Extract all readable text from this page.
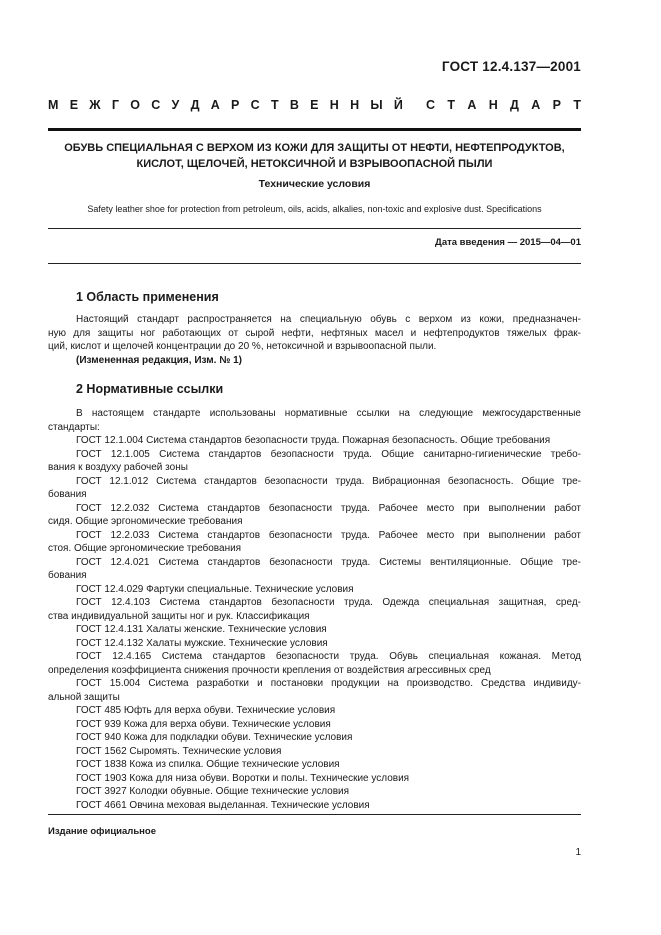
ГОСТ 12.4.137—2001
М Е Ж Г О С У Д А Р С Т В Е Н Н Ы Й С Т А Н Д А Р Т
ОБУВЬ СПЕЦИАЛЬНАЯ С ВЕРХОМ ИЗ КОЖИ ДЛЯ ЗАЩИТЫ ОТ НЕФТИ, НЕФТЕПРОДУКТОВ,
КИСЛОТ, ЩЕЛОЧЕЙ, НЕТОКСИЧНОЙ И ВЗРЫВООПАСНОЙ ПЫЛИ
Технические условия
Safety leather shoe for protection from petroleum, oils, acids, alkalies, non-toxic and explosive dust. Specifications
Дата введения — 2015—04—01
1 Область применения
Настоящий стандарт распространяется на специальную обувь с верхом из кожи, предназначен-
ную для защиты ног работающих от сырой нефти, нефтяных масел и нефтепродуктов тяжелых фрак-
ций, кислот и щелочей концентрации до 20 %, нетоксичной и взрывоопасной пыли.
(Измененная редакция, Изм. № 1)
2 Нормативные ссылки
В настоящем стандарте использованы нормативные ссылки на следующие межгосударственные
стандарты:
ГОСТ 12.1.004 Система стандартов безопасности труда. Пожарная безопасность. Общие требования
ГОСТ 12.1.005 Система стандартов безопасности труда. Общие санитарно-гигиенические требо-
вания к воздуху рабочей зоны
ГОСТ 12.1.012 Система стандартов безопасности труда. Вибрационная безопасность. Общие тре-
бования
ГОСТ 12.2.032 Система стандартов безопасности труда. Рабочее место при выполнении работ
сидя. Общие эргономические требования
ГОСТ 12.2.033 Система стандартов безопасности труда. Рабочее место при выполнении работ
стоя. Общие эргономические требования
ГОСТ 12.4.021 Система стандартов безопасности труда. Системы вентиляционные. Общие тре-
бования
ГОСТ 12.4.029 Фартуки специальные. Технические условия
ГОСТ 12.4.103 Система стандартов безопасности труда. Одежда специальная защитная, сред-
ства индивидуальной защиты ног и рук. Классификация
ГОСТ 12.4.131 Халаты женские. Технические условия
ГОСТ 12.4.132 Халаты мужские. Технические условия
ГОСТ 12.4.165 Система стандартов безопасности труда. Обувь специальная кожаная. Метод
определения коэффициента снижения прочности крепления от воздействия агрессивных сред
ГОСТ 15.004 Система разработки и постановки продукции на производство. Средства индивиду-
альной защиты
ГОСТ 485 Юфть для верха обуви. Технические условия
ГОСТ 939 Кожа для верха обуви. Технические условия
ГОСТ 940 Кожа для подкладки обуви. Технические условия
ГОСТ 1562 Сыромять. Технические условия
ГОСТ 1838 Кожа из спилка. Общие технические условия
ГОСТ 1903 Кожа для низа обуви. Воротки и полы. Технические условия
ГОСТ 3927 Колодки обувные. Общие технические условия
ГОСТ 4661 Овчина меховая выделанная. Технические условия
Издание официальное
1
